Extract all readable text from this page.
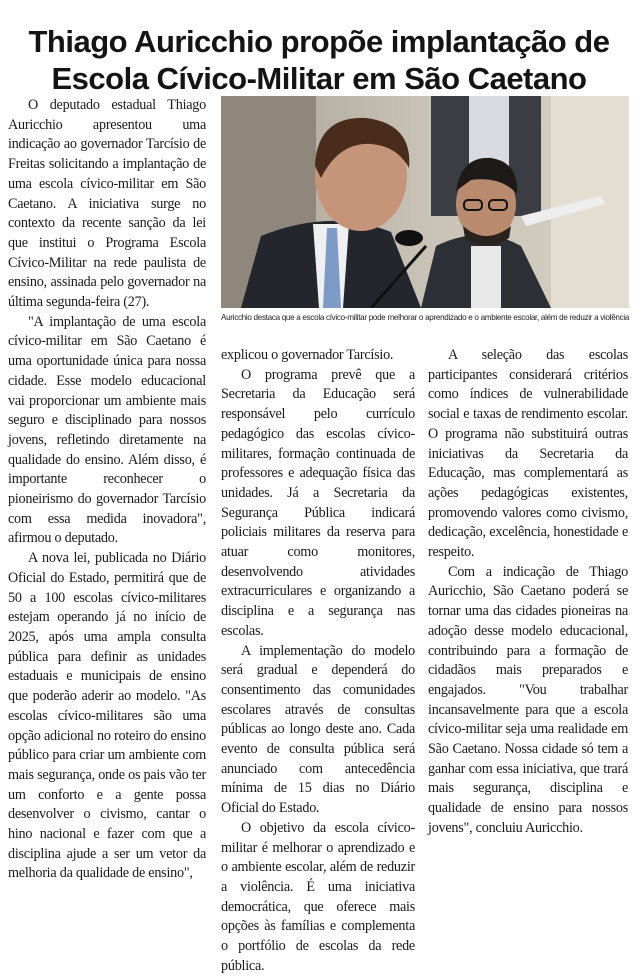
Thiago Auricchio propõe implantação de Escola Cívico-Militar em São Caetano

O deputado estadual Thiago Auricchio apresentou uma indicação ao governador Tarcísio de Freitas solicitando a implantação de uma escola cívico-militar em São Caetano. A iniciativa surge no contexto da recente sanção da lei que institui o Programa Escola Cívico-Militar na rede paulista de ensino, assinada pelo governador na última segunda-feira (27).

"A implantação de uma escola cívico-militar em São Caetano é uma oportunidade única para nossa cidade. Esse modelo educacional vai proporcionar um ambiente mais seguro e disciplinado para nossos jovens, refletindo diretamente na qualidade do ensino. Além disso, é importante reconhecer o pioneirismo do governador Tarcísio com essa medida inovadora", afirmou o deputado.

A nova lei, publicada no Diário Oficial do Estado, permitirá que de 50 a 100 escolas cívico-militares estejam operando já no início de 2025, após uma ampla consulta pública para definir as unidades estaduais e municipais de ensino que poderão aderir ao modelo. "As escolas cívico-militares são uma opção adicional no roteiro do ensino público para criar um ambiente com mais segurança, onde os pais vão ter um conforto e a gente possa desenvolver o civismo, cantar o hino nacional e fazer com que a disciplina ajude a ser um vetor da melhoria da qualidade de ensino",

Auricchio destaca que a escola cívico-militar pode melhorar o aprendizado e o ambiente escolar, além de reduzir a violência

explicou o governador Tarcísio.

O programa prevê que a Secretaria da Educação será responsável pelo currículo pedagógico das escolas cívico-militares, formação continuada de professores e adequação física das unidades. Já a Secretaria da Segurança Pública indicará policiais militares da reserva para atuar como monitores, desenvolvendo atividades extracurriculares e organizando a disciplina e a segurança nas escolas.

A implementação do modelo será gradual e dependerá do consentimento das comunidades escolares através de consultas públicas ao longo deste ano. Cada evento de consulta pública será anunciado com antecedência mínima de 15 dias no Diário Oficial do Estado.

O objetivo da escola cívico-militar é melhorar o aprendizado e o ambiente escolar, além de reduzir a violência. É uma iniciativa democrática, que oferece mais opções às famílias e complementa o portfólio de escolas da rede pública.

A seleção das escolas participantes considerará critérios como índices de vulnerabilidade social e taxas de rendimento escolar. O programa não substituirá outras iniciativas da Secretaria da Educação, mas complementará as ações pedagógicas existentes, promovendo valores como civismo, dedicação, excelência, honestidade e respeito.

Com a indicação de Thiago Auricchio, São Caetano poderá se tornar uma das cidades pioneiras na adoção desse modelo educacional, contribuindo para a formação de cidadãos mais preparados e engajados. "Vou trabalhar incansavelmente para que a escola cívico-militar seja uma realidade em São Caetano. Nossa cidade só tem a ganhar com essa iniciativa, que trará mais segurança, disciplina e qualidade de ensino para nossos jovens", concluiu Auricchio.
